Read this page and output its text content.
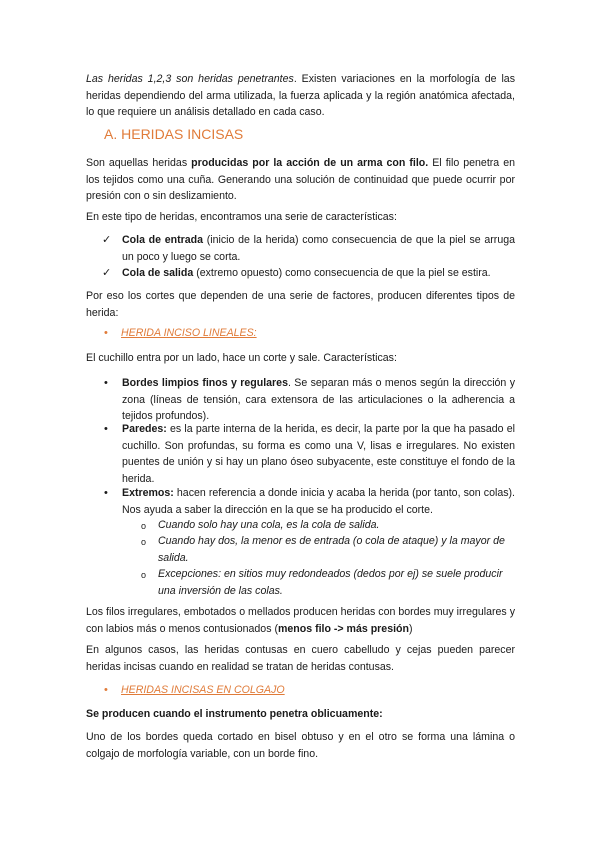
Las heridas 1,2,3 son heridas penetrantes. Existen variaciones en la morfología de las heridas dependiendo del arma utilizada, la fuerza aplicada y la región anatómica afectada, lo que requiere un análisis detallado en cada caso.

A. HERIDAS INCISAS

Son aquellas heridas producidas por la acción de un arma con filo. El filo penetra en los tejidos como una cuña. Generando una solución de continuidad que puede ocurrir por presión con o sin deslizamiento.

En este tipo de heridas, encontramos una serie de características:

✓ Cola de entrada (inicio de la herida) como consecuencia de que la piel se arruga un poco y luego se corta.

✓ Cola de salida (extremo opuesto) como consecuencia de que la piel se estira.

Por eso los cortes que dependen de una serie de factores, producen diferentes tipos de herida:

• HERIDA INCISO LINEALES:

El cuchillo entra por un lado, hace un corte y sale. Características:

• Bordes limpios finos y regulares. Se separan más o menos según la dirección y zona (líneas de tensión, cara extensora de las articulaciones o la adherencia a tejidos profundos).

• Paredes: es la parte interna de la herida, es decir, la parte por la que ha pasado el cuchillo. Son profundas, su forma es como una V, lisas e irregulares. No existen puentes de unión y si hay un plano óseo subyacente, este constituye el fondo de la herida.

• Extremos: hacen referencia a donde inicia y acaba la herida (por tanto, son colas). Nos ayuda a saber la dirección en la que se ha producido el corte.

o Cuando solo hay una cola, es la cola de salida.

o Cuando hay dos, la menor es de entrada (o cola de ataque) y la mayor de salida.

o Excepciones: en sitios muy redondeados (dedos por ej) se suele producir una inversión de las colas.

Los filos irregulares, embotados o mellados producen heridas con bordes muy irregulares y con labios más o menos contusionados (menos filo -> más presión)

En algunos casos, las heridas contusas en cuero cabelludo y cejas pueden parecer heridas incisas cuando en realidad se tratan de heridas contusas.

• HERIDAS INCISAS EN COLGAJO

Se producen cuando el instrumento penetra oblicuamente:

Uno de los bordes queda cortado en bisel obtuso y en el otro se forma una lámina o colgajo de morfología variable, con un borde fino.
